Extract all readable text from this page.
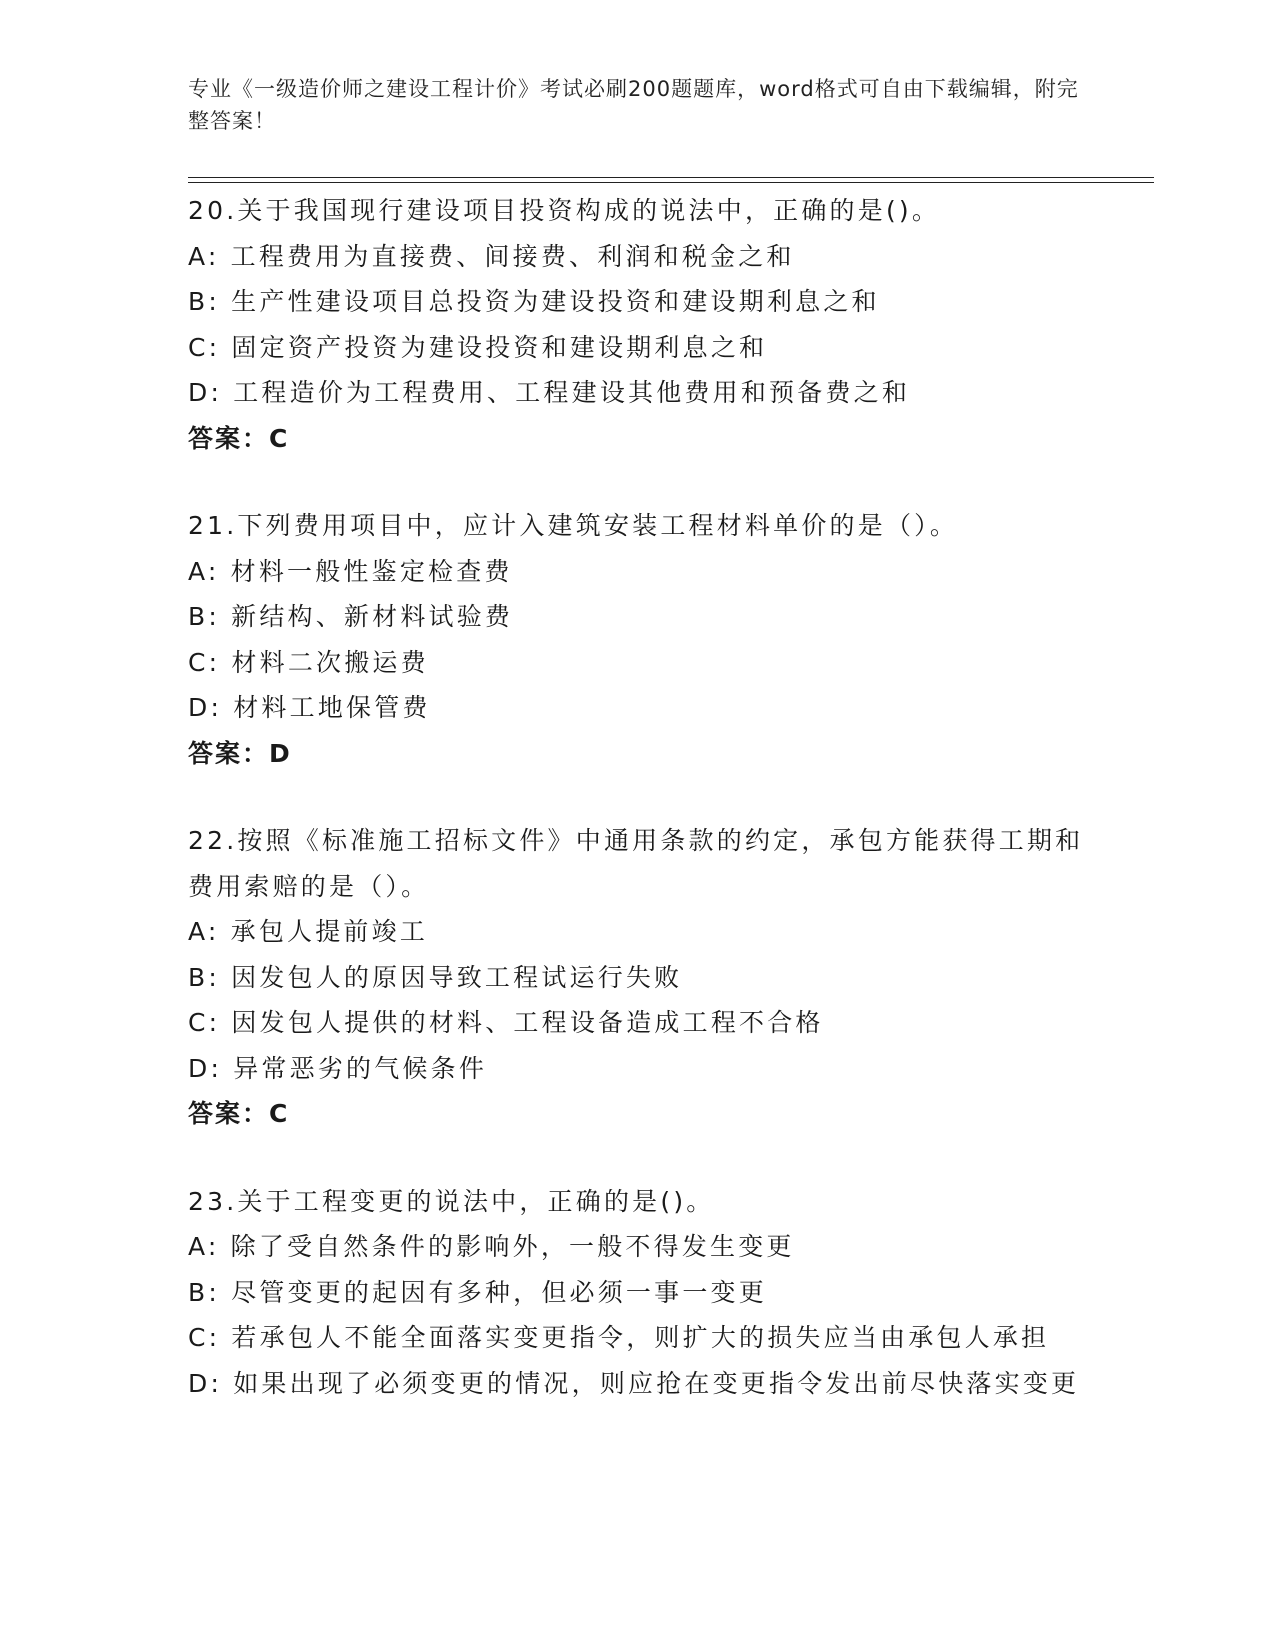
专业《一级造价师之建设工程计价》考试必刷200题题库，word格式可自由下载编辑，附完整答案！
20.关于我国现行建设项目投资构成的说法中，正确的是()。
A: 工程费用为直接费、间接费、利润和税金之和
B: 生产性建设项目总投资为建设投资和建设期利息之和
C: 固定资产投资为建设投资和建设期利息之和
D: 工程造价为工程费用、工程建设其他费用和预备费之和
答案：C
21.下列费用项目中，应计入建筑安装工程材料单价的是（）。
A: 材料一般性鉴定检查费
B: 新结构、新材料试验费
C: 材料二次搬运费
D: 材料工地保管费
答案：D
22.按照《标准施工招标文件》中通用条款的约定，承包方能获得工期和费用索赔的是（）。
A: 承包人提前竣工
B: 因发包人的原因导致工程试运行失败
C: 因发包人提供的材料、工程设备造成工程不合格
D: 异常恶劣的气候条件
答案：C
23.关于工程变更的说法中，正确的是()。
A: 除了受自然条件的影响外，一般不得发生变更
B: 尽管变更的起因有多种，但必须一事一变更
C: 若承包人不能全面落实变更指令，则扩大的损失应当由承包人承担
D: 如果出现了必须变更的情况，则应抢在变更指令发出前尽快落实变更
